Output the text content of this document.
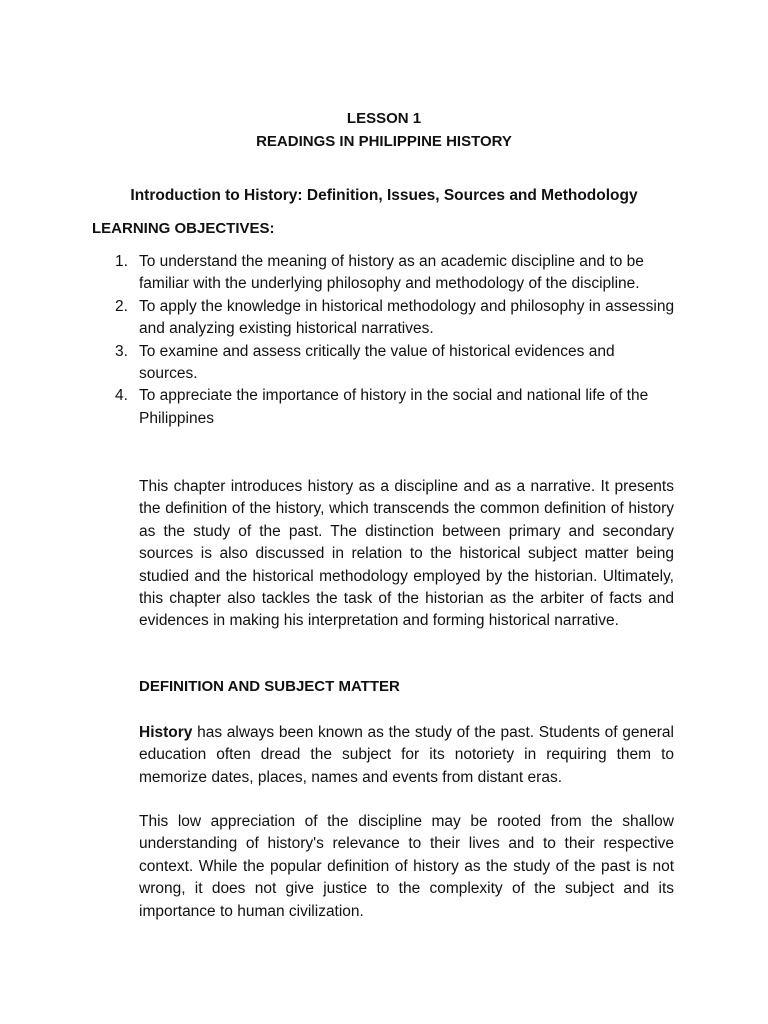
LESSON 1
READINGS IN PHILIPPINE HISTORY
Introduction to History: Definition, Issues, Sources and Methodology
LEARNING OBJECTIVES:
1. To understand the meaning of history as an academic discipline and to be familiar with the underlying philosophy and methodology of the discipline.
2. To apply the knowledge in historical methodology and philosophy in assessing and analyzing existing historical narratives.
3. To examine and assess critically the value of historical evidences and sources.
4. To appreciate the importance of history in the social and national life of the Philippines

This chapter introduces history as a discipline and as a narrative. It presents the definition of the history, which transcends the common definition of history as the study of the past. The distinction between primary and secondary sources is also discussed in relation to the historical subject matter being studied and the historical methodology employed by the historian. Ultimately, this chapter also tackles the task of the historian as the arbiter of facts and evidences in making his interpretation and forming historical narrative.

DEFINITION AND SUBJECT MATTER

History has always been known as the study of the past. Students of general education often dread the subject for its notoriety in requiring them to memorize dates, places, names and events from distant eras.

This low appreciation of the discipline may be rooted from the shallow understanding of history's relevance to their lives and to their respective context. While the popular definition of history as the study of the past is not wrong, it does not give justice to the complexity of the subject and its importance to human civilization.
